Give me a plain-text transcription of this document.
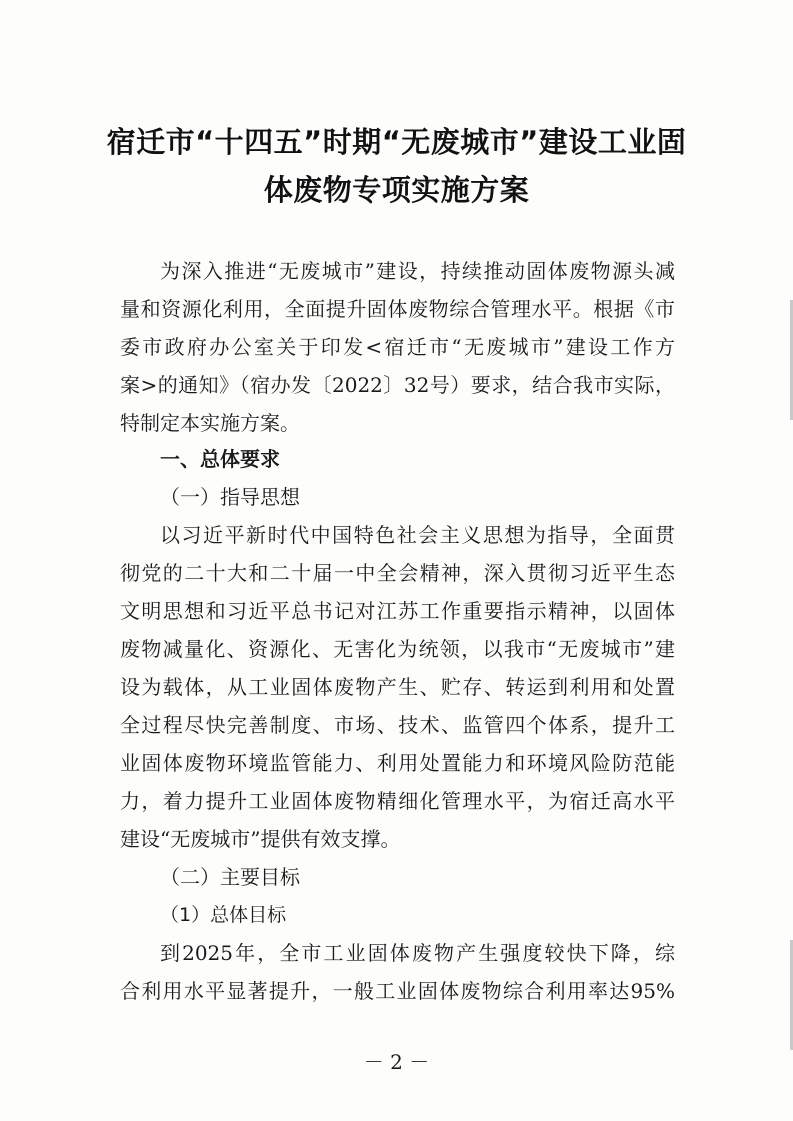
宿迁市“十四五”时期“无废城市”建设工业固
体废物专项实施方案

为深入推进“无废城市”建设，持续推动固体废物源头减

量和资源化利用，全面提升固体废物综合管理水平。根据《市

委市政府办公室关于印发<宿迁市“无废城市”建设工作方

案>的通知》（宿办发〔2022〕32号）要求，结合我市实际，

特制定本实施方案。

一、总体要求

（一）指导思想

以习近平新时代中国特色社会主义思想为指导，全面贯

彻党的二十大和二十届一中全会精神，深入贯彻习近平生态

文明思想和习近平总书记对江苏工作重要指示精神，以固体

废物减量化、资源化、无害化为统领，以我市“无废城市”建

设为载体，从工业固体废物产生、贮存、转运到利用和处置

全过程尽快完善制度、市场、技术、监管四个体系，提升工

业固体废物环境监管能力、利用处置能力和环境风险防范能

力，着力提升工业固体废物精细化管理水平，为宿迁高水平

建设“无废城市”提供有效支撑。

（二）主要目标

（1）总体目标

到2025年，全市工业固体废物产生强度较快下降，综

合利用水平显著提升，一般工业固体废物综合利用率达95%

－ 2 －
